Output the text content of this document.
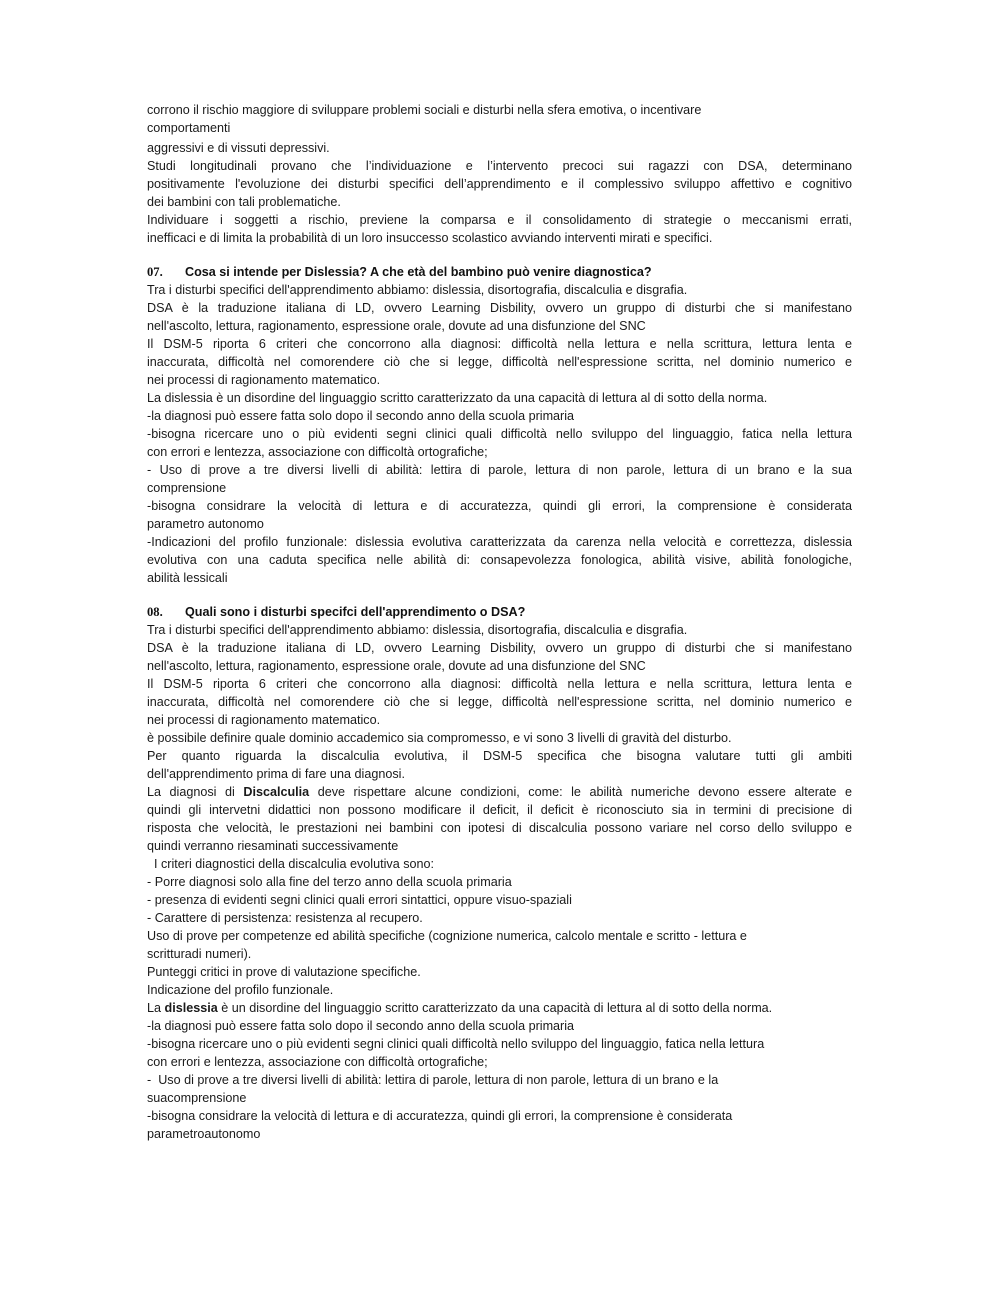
corrono il rischio maggiore di sviluppare problemi sociali e disturbi nella sfera emotiva, o incentivare
comportamenti
aggressivi e di vissuti depressivi.
Studi longitudinali provano che l’individuazione e l’intervento precoci sui ragazzi con DSA, determinano
positivamente l'evoluzione dei disturbi specifici dell’apprendimento e il complessivo sviluppo affettivo e cognitivo
dei bambini con tali problematiche.
Individuare i soggetti a rischio, previene la comparsa e il consolidamento di strategie o meccanismi errati,
inefficaci e di limita la probabilità di un loro insuccesso scolastico avviando interventi mirati e specifici.
07. Cosa si intende per Dislessia? A che età del bambino può venire diagnostica?
Tra i disturbi specifici dell'apprendimento abbiamo: dislessia, disortografia, discalculia e disgrafia.
DSA è la traduzione italiana di LD, ovvero Learning Disbility, ovvero un gruppo di disturbi che si manifestano
nell'ascolto, lettura, ragionamento, espressione orale, dovute ad una disfunzione del SNC
Il DSM-5 riporta 6 criteri che concorrono alla diagnosi: difficoltà nella lettura e nella scrittura, lettura lenta e
inaccurata, difficoltà nel comorendere ciò che si legge, difficoltà nell'espressione scritta, nel dominio numerico e
nei processi di ragionamento matematico.
La dislessia è un disordine del linguaggio scritto caratterizzato da una capacità di lettura al di sotto della norma.
-la diagnosi può essere fatta solo dopo il secondo anno della scuola primaria
-bisogna ricercare uno o più evidenti segni clinici quali difficoltà nello sviluppo del linguaggio, fatica nella lettura
con errori e lentezza, associazione con difficoltà ortografiche;
- Uso di prove a tre diversi livelli di abilità: lettira di parole, lettura di non parole, lettura di un brano e la sua
comprensione
-bisogna considrare la velocità di lettura e di accuratezza, quindi gli errori, la comprensione è considerata
parametro autonomo
-Indicazioni del profilo funzionale: dislessia evolutiva caratterizzata da carenza nella velocità e correttezza, dislessia
evolutiva con una caduta specifica nelle abilità di: consapevolezza fonologica, abilità visive, abilità fonologiche,
abilità lessicali
08. Quali sono i disturbi specifci dell'apprendimento o DSA?
Tra i disturbi specifici dell'apprendimento abbiamo: dislessia, disortografia, discalculia e disgrafia.
DSA è la traduzione italiana di LD, ovvero Learning Disbility, ovvero un gruppo di disturbi che si manifestano
nell'ascolto, lettura, ragionamento, espressione orale, dovute ad una disfunzione del SNC
Il DSM-5 riporta 6 criteri che concorrono alla diagnosi: difficoltà nella lettura e nella scrittura, lettura lenta e
inaccurata, difficoltà nel comorendere ciò che si legge, difficoltà nell'espressione scritta, nel dominio numerico e
nei processi di ragionamento matematico.
è possibile definire quale dominio accademico sia compromesso, e vi sono 3 livelli di gravità del disturbo.
Per quanto riguarda la discalculia evolutiva, il DSM-5 specifica che bisogna valutare tutti gli ambiti
dell'apprendimento prima di fare una diagnosi.
La diagnosi di Discalculia deve rispettare alcune condizioni, come: le abilità numeriche devono essere alterate e
quindi gli intervetni didattici non possono modificare il deficit, il deficit è riconosciuto sia in termini di precisione di
risposta che velocità, le prestazioni nei bambini con ipotesi di discalculia possono variare nel corso dello sviluppo e
quindi verranno riesaminati successivamente
I criteri diagnostici della discalculia evolutiva sono:
- Porre diagnosi solo alla fine del terzo anno della scuola primaria
- presenza di evidenti segni clinici quali errori sintattici, oppure visuo-spaziali
- Carattere di persistenza: resistenza al recupero.
Uso di prove per competenze ed abilità specifiche (cognizione numerica, calcolo mentale e scritto - lettura e
scritturadi numeri).
Punteggi critici in prove di valutazione specifiche.
Indicazione del profilo funzionale.
La dislessia è un disordine del linguaggio scritto caratterizzato da una capacità di lettura al di sotto della norma.
-la diagnosi può essere fatta solo dopo il secondo anno della scuola primaria
-bisogna ricercare uno o più evidenti segni clinici quali difficoltà nello sviluppo del linguaggio, fatica nella lettura
con errori e lentezza, associazione con difficoltà ortografiche;
-  Uso di prove a tre diversi livelli di abilità: lettira di parole, lettura di non parole, lettura di un brano e la
suacomprensione
-bisogna considrare la velocità di lettura e di accuratezza, quindi gli errori, la comprensione è considerata
parametroautonomo
